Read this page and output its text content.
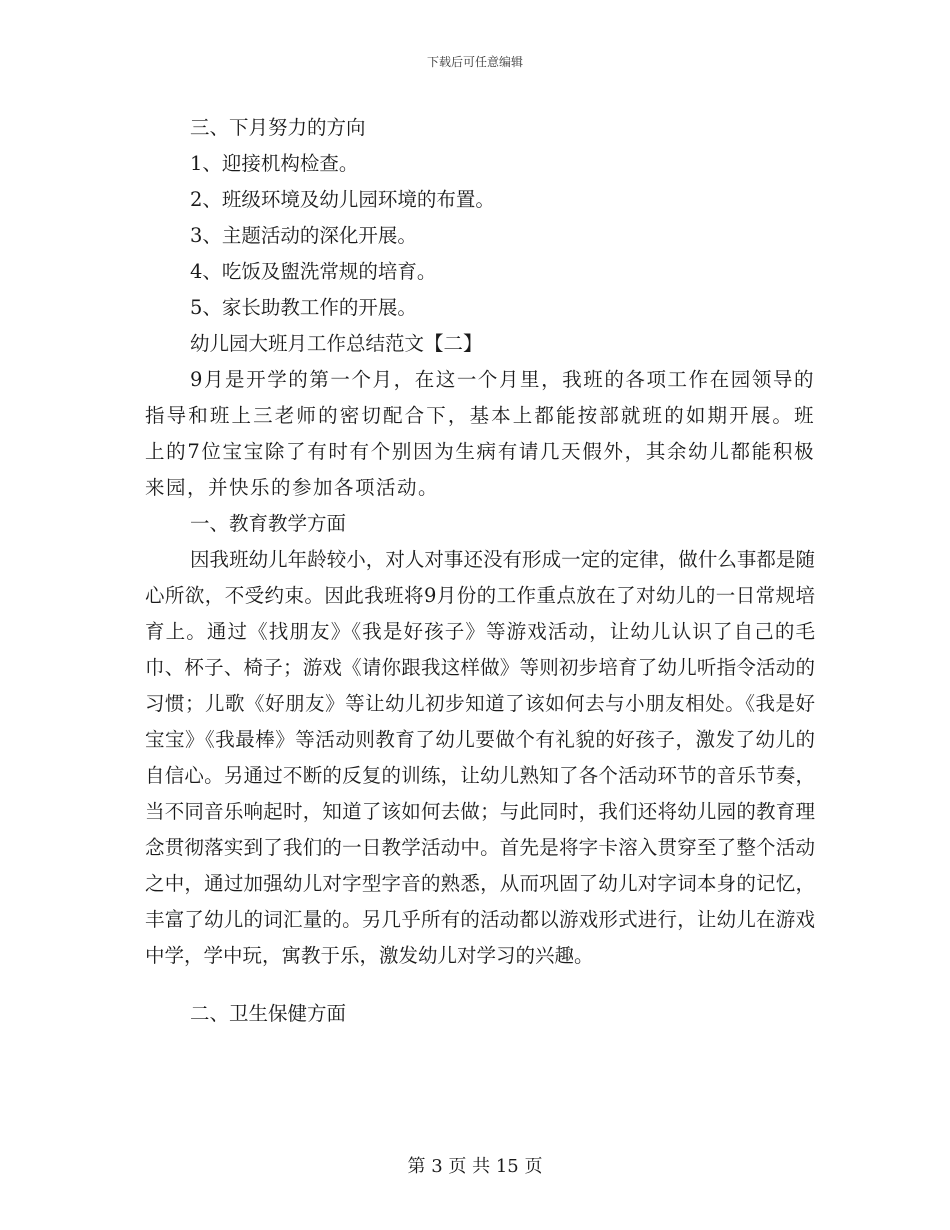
下载后可任意编辑
三、下月努力的方向
1、迎接机构检查。
2、班级环境及幼儿园环境的布置。
3、主题活动的深化开展。
4、吃饭及盥洗常规的培育。
5、家长助教工作的开展。
幼儿园大班月工作总结范文【二】
9月是开学的第一个月，在这一个月里，我班的各项工作在园领导的指导和班上三老师的密切配合下，基本上都能按部就班的如期开展。班上的7位宝宝除了有时有个别因为生病有请几天假外，其余幼儿都能积极来园，并快乐的参加各项活动。
一、教育教学方面
因我班幼儿年龄较小，对人对事还没有形成一定的定律，做什么事都是随心所欲，不受约束。因此我班将9月份的工作重点放在了对幼儿的一日常规培育上。通过《找朋友》《我是好孩子》等游戏活动，让幼儿认识了自己的毛巾、杯子、椅子；游戏《请你跟我这样做》等则初步培育了幼儿听指令活动的习惯；儿歌《好朋友》等让幼儿初步知道了该如何去与小朋友相处。《我是好宝宝》《我最棒》等活动则教育了幼儿要做个有礼貌的好孩子，激发了幼儿的自信心。另通过不断的反复的训练，让幼儿熟知了各个活动环节的音乐节奏，当不同音乐响起时，知道了该如何去做；与此同时，我们还将幼儿园的教育理念贯彻落实到了我们的一日教学活动中。首先是将字卡溶入贯穿至了整个活动之中，通过加强幼儿对字型字音的熟悉，从而巩固了幼儿对字词本身的记忆，丰富了幼儿的词汇量的。另几乎所有的活动都以游戏形式进行，让幼儿在游戏中学，学中玩，寓教于乐，激发幼儿对学习的兴趣。
二、卫生保健方面
第 3 页 共 15 页
